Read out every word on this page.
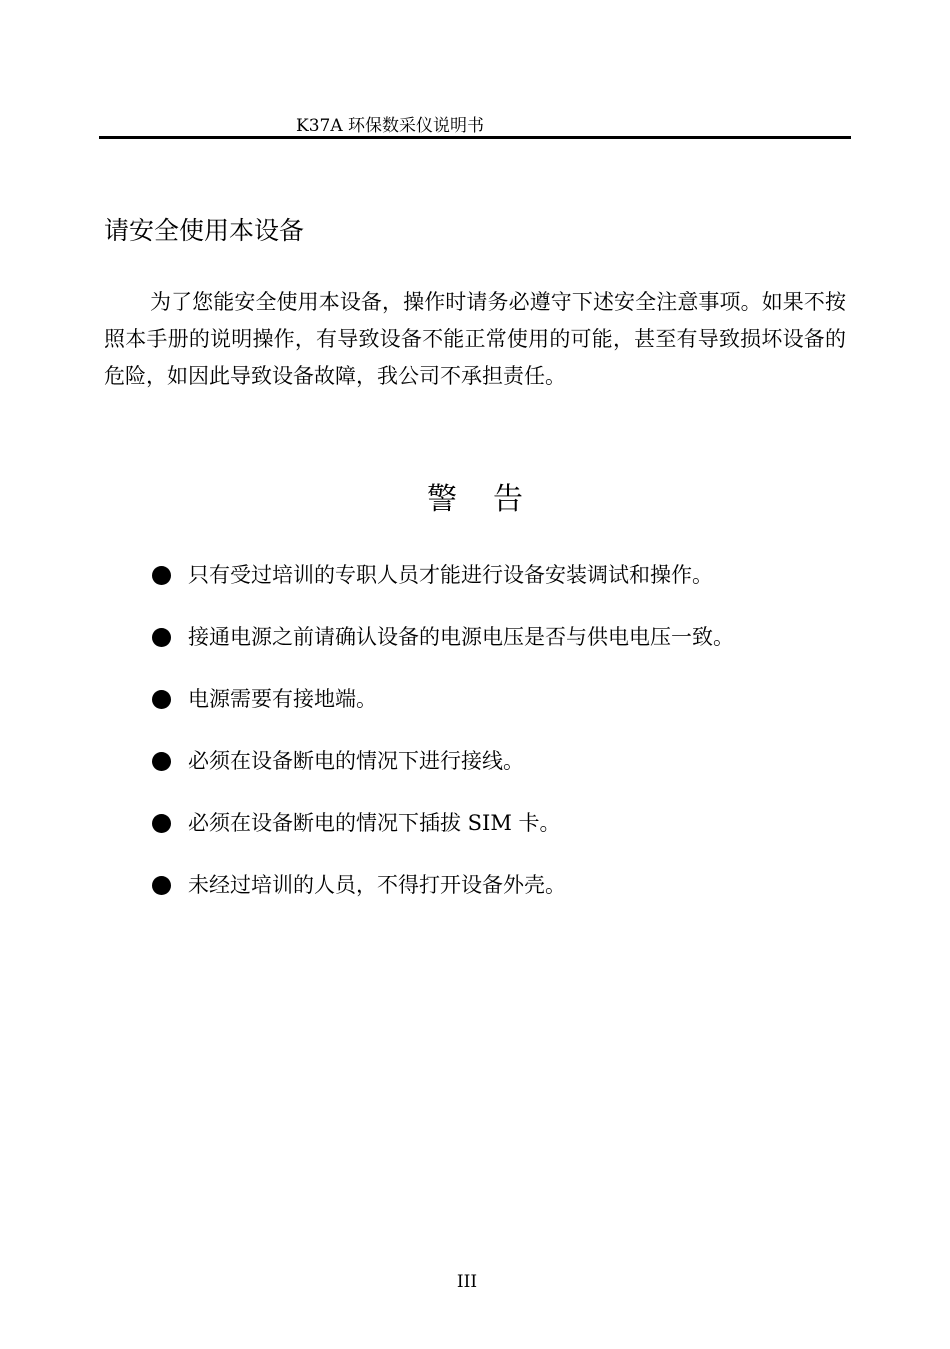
K37A 环保数采仪说明书
请安全使用本设备

为了您能安全使用本设备，操作时请务必遵守下述安全注意事项。如果不按照本手册的说明操作，有导致设备不能正常使用的可能，甚至有导致损坏设备的危险，如因此导致设备故障，我公司不承担责任。

警告
只有受过培训的专职人员才能进行设备安装调试和操作。
接通电源之前请确认设备的电源电压是否与供电电压一致。
电源需要有接地端。
必须在设备断电的情况下进行接线。
必须在设备断电的情况下插拔 SIM 卡。
未经过培训的人员，不得打开设备外壳。
III
